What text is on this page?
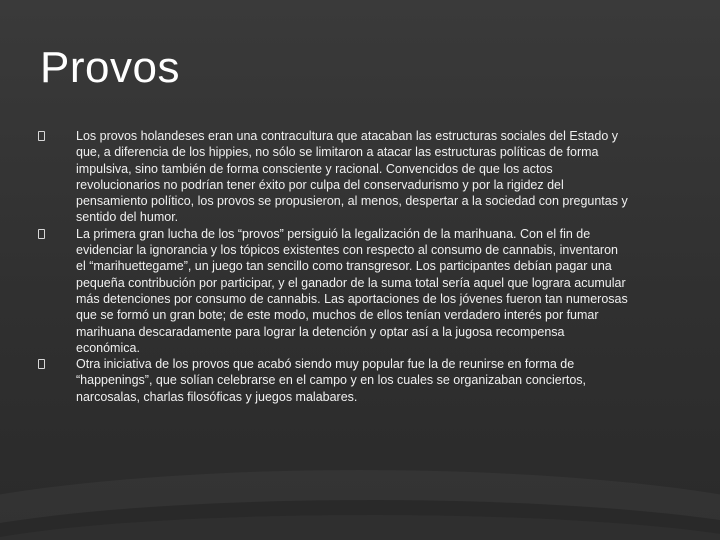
Provos
Los provos holandeses eran una contracultura que atacaban las estructuras sociales del Estado y que, a diferencia de los hippies, no sólo se limitaron a atacar las estructuras políticas de forma impulsiva, sino también de forma consciente y racional. Convencidos de que los actos revolucionarios no podrían tener éxito por culpa del conservadurismo y por la rigidez del pensamiento político, los provos se propusieron, al menos, despertar a la sociedad con preguntas y sentido del humor.
La primera gran lucha de los “provos” persiguió la legalización de la marihuana. Con el fin de evidenciar la ignorancia y los tópicos existentes con respecto al consumo de cannabis, inventaron el “marihuettegame”, un juego tan sencillo como transgresor. Los participantes debían pagar una pequeña contribución por participar, y el ganador de la suma total sería aquel que lograra acumular más detenciones por consumo de cannabis. Las aportaciones de los jóvenes fueron tan numerosas que se formó un gran bote; de este modo, muchos de ellos tenían verdadero interés por fumar marihuana descaradamente para lograr la detención y optar así a la jugosa recompensa económica.
Otra iniciativa de los provos que acabó siendo muy popular fue la de reunirse en forma de “happenings”, que solían celebrarse en el campo y en los cuales se organizaban conciertos, narcosalas, charlas filosóficas y juegos malabares.
